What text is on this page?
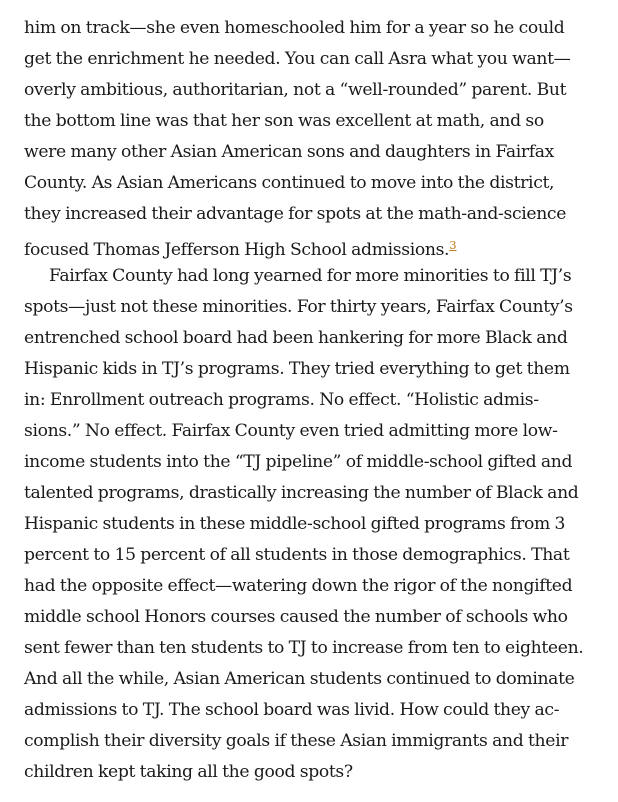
him on track—she even homeschooled him for a year so he could
get the enrichment he needed. You can call Asra what you want—
overly ambitious, authoritarian, not a “well-rounded” parent. But
the bottom line was that her son was excellent at math, and so
were many other Asian American sons and daughters in Fairfax
County. As Asian Americans continued to move into the district,
they increased their advantage for spots at the math-and-science
focused Thomas Jefferson High School admissions.$^3$
Fairfax County had long yearned for more minorities to fill TJ’s
spots—just not these minorities. For thirty years, Fairfax County’s
entrenched school board had been hankering for more Black and
Hispanic kids in TJ’s programs. They tried everything to get them
in: Enrollment outreach programs. No effect. “Holistic admis-
sions.” No effect. Fairfax County even tried admitting more low-
income students into the “TJ pipeline” of middle-school gifted and
talented programs, drastically increasing the number of Black and
Hispanic students in these middle-school gifted programs from 3
percent to 15 percent of all students in those demographics. That
had the opposite effect—watering down the rigor of the nongifted
middle school Honors courses caused the number of schools who
sent fewer than ten students to TJ to increase from ten to eighteen.
And all the while, Asian American students continued to dominate
admissions to TJ. The school board was livid. How could they ac-
complish their diversity goals if these Asian immigrants and their
children kept taking all the good spots?
